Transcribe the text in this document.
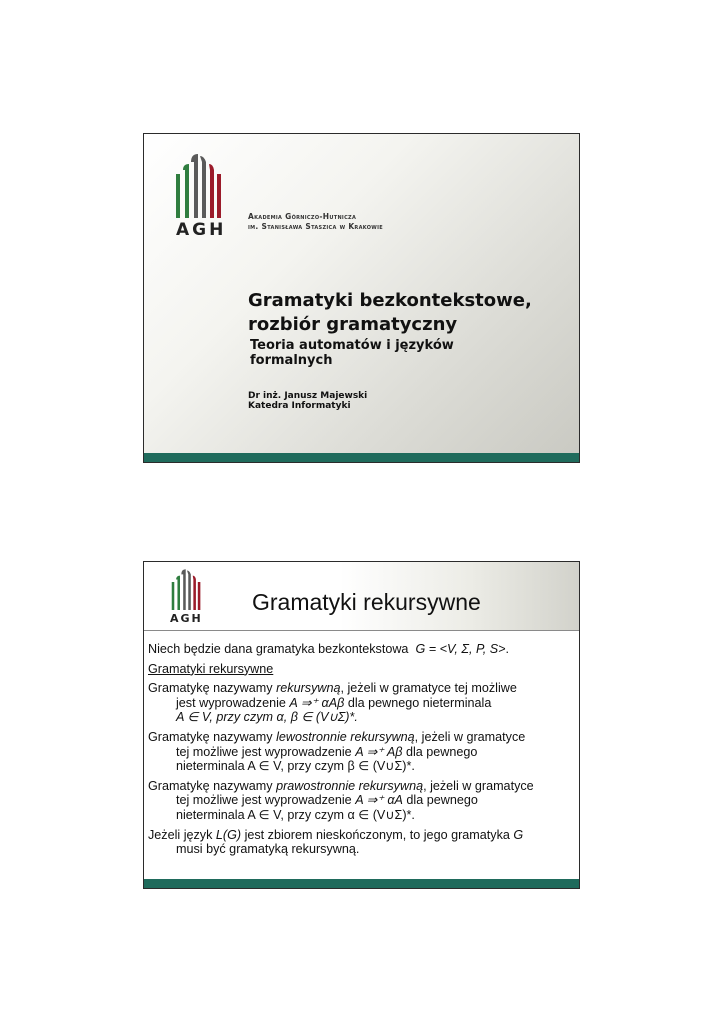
AGH
Akademia Górniczo-Hutnicza
im. Stanisława Staszica w Krakowie
Gramatyki bezkontekstowe,
rozbiór gramatyczny
Teoria automatów i języków
formalnych
Dr inż. Janusz Majewski
Katedra Informatyki
AGH
Gramatyki rekursywne
Niech będzie dana gramatyka bezkontekstowa G = <V, Σ, P, S>.
Gramatyki rekursywne
Gramatykę nazywamy rekursywną, jeżeli w gramatyce tej możliwe
jest wyprowadzenie A ⇒⁺ αAβ dla pewnego nieterminala
A ∈ V, przy czym α, β ∈ (V∪Σ)*.
Gramatykę nazywamy lewostronnie rekursywną, jeżeli w gramatyce
tej możliwe jest wyprowadzenie A ⇒⁺ Aβ dla pewnego
nieterminala A ∈ V, przy czym β ∈ (V∪Σ)*.
Gramatykę nazywamy prawostronnie rekursywną, jeżeli w gramatyce
tej możliwe jest wyprowadzenie A ⇒⁺ αA dla pewnego
nieterminala A ∈ V, przy czym α ∈ (V∪Σ)*.
Jeżeli język L(G) jest zbiorem nieskończonym, to jego gramatyka G
musi być gramatyką rekursywną.
